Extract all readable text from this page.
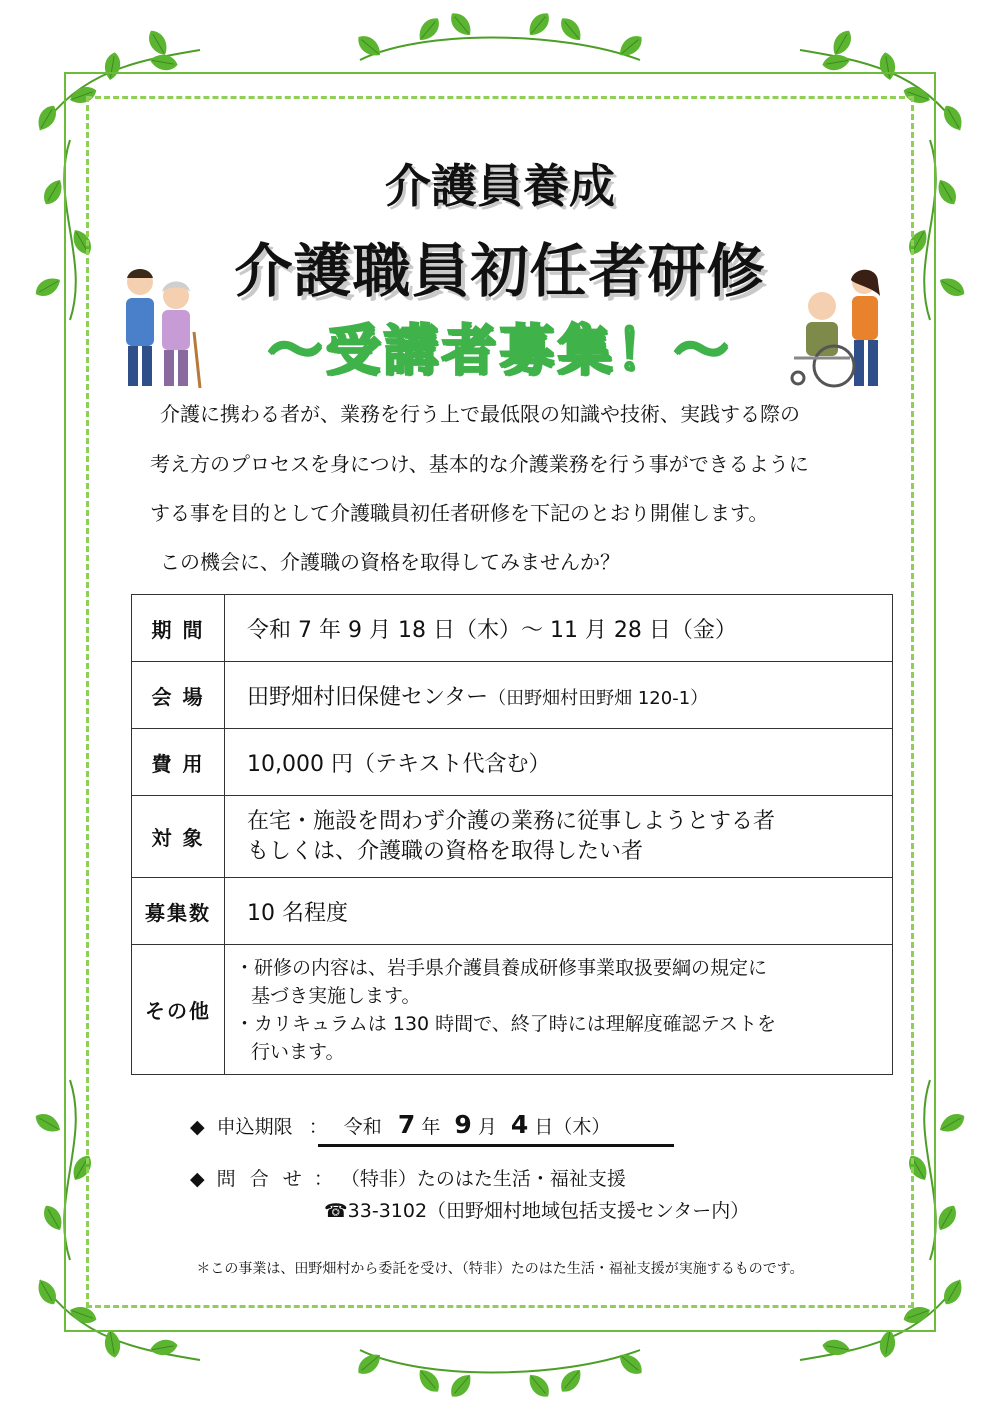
介護員養成
介護職員初任者研修
～受講者募集！～
介護に携わる者が、業務を行う上で最低限の知識や技術、実践する際の
考え方のプロセスを身につけ、基本的な介護業務を行う事ができるように
する事を目的として介護職員初任者研修を下記のとおり開催します。
この機会に、介護職の資格を取得してみませんか？
期 間	令和 7 年 9 月 18 日（木）～ 11 月 28 日（金）
会 場	田野畑村旧保健センター（田野畑村田野畑 120-1）
費 用	10,000 円（テキスト代含む）
対 象	在宅・施設を問わず介護の業務に従事しようとする者
もしくは、介護職の資格を取得したい者

募集数	10 名程度
その他	・研修の内容は、岩手県介護員養成研修事業取扱要綱の規定に
基づき実施します。
・カリキュラムは 130 時間で、終了時には理解度確認テストを
行います。
◆ 申込期限 ： 令和 7 年 9 月 4 日（木）
◆ 問 合 せ ： （特非）たのはた生活・福祉支援
☎33-3102（田野畑村地域包括支援センター内）
＊この事業は、田野畑村から委託を受け、（特非）たのはた生活・福祉支援が実施するものです。
